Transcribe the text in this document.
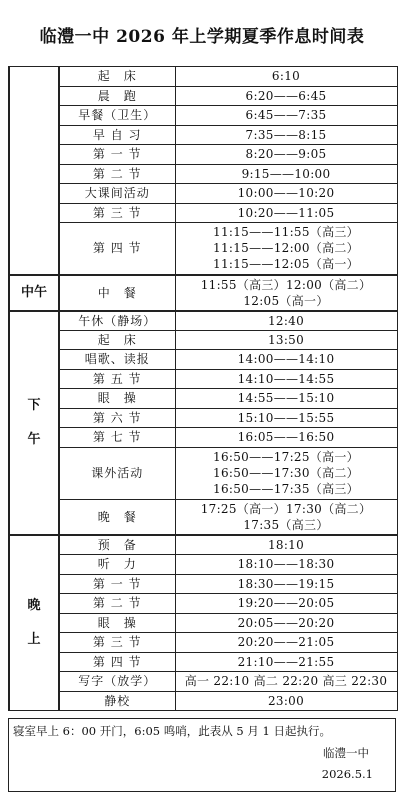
临澧一中 2026 年上学期夏季作息时间表
	起　床	6:10

	晨　跑	6:20——6:45

	早餐（卫生）	6:45——7:35

	早 自 习	7:35——8:15

	第 一 节	8:20——9:05

	第 二 节	9:15——10:00

	大课间活动	10:00——10:20

	第 三 节	10:20——11:05

	第 四 节	11:15——11:55（高三）
11:15——12:00（高二）
11:15——12:05（高一）

中午	中　餐	11:55（高三）12:00（高二）
12:05（高一）

下
午	午休（静场）	12:40

	起　床	13:50

	唱歌、读报	14:00——14:10

	第 五 节	14:10——14:55

	眼　操	14:55——15:10

	第 六 节	15:10——15:55

	第 七 节	16:05——16:50

	课外活动	16:50——17:25（高一）
16:50——17:30（高二）
16:50——17:35（高三）

	晚　餐	17:25（高一）17:30（高二）
17:35（高三）

晚
上	预　备	18:10

	听　力	18:10——18:30

	第 一 节	18:30——19:15

	第 二 节	19:20——20:05

	眼　操	20:05——20:20

	第 三 节	20:20——21:05

	第 四 节	21:10——21:55

	写字（放学）	高一 22:10 高二 22:20 高三 22:30

	静校	23:00
寝室早上 6：00 开门，6:05 鸣哨，此表从 5 月 1 日起执行。
临澧一中
2026.5.1
